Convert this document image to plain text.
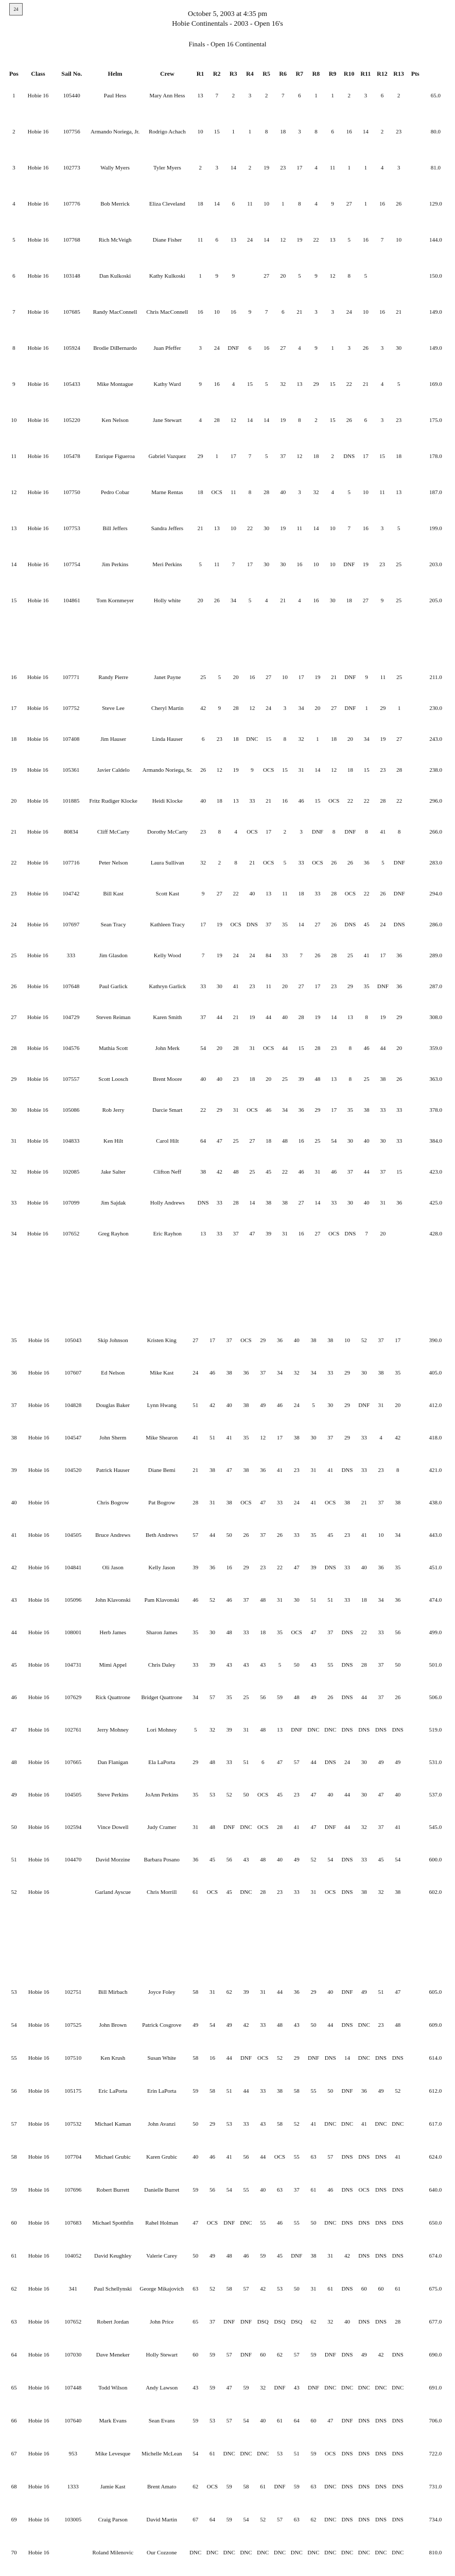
24
October 5, 2003 at 4:35 pm
Hobie Continentals - 2003 - Open 16's
Finals - Open 16 Continental
Pos	Class	Sail No.	Helm	Crew	R1	R2	R3	R4	R5	R6	R7	R8	R9	R10	R11	R12	R13	Pts	
1	Hobie 16	105440	Paul Hess	Mary Ann Hess	13	7	2	3	2	7	6	1	1	2	3	6	2		65.0
2	Hobie 16	107756	Armando Noriega, Jr.	Rodrigo Achach	10	15	1	1	8	18	3	8	6	16	14	2	23		80.0
3	Hobie 16	102773	Wally Myers	Tyler Myers	2	3	14	2	19	23	17	4	11	1	1	4	3		81.0
4	Hobie 16	107776	Bob Merrick	Eliza Cleveland	18	14	6	11	10	1	8	4	9	27	1	16	26		129.0
5	Hobie 16	107768	Rich McVeigh	Diane Fisher	11	6	13	24	14	12	19	22	13	5	16	7	10		144.0
6	Hobie 16	103148	Dan Kulkoski	Kathy Kulkoski	1	9	9		27	20	5	9	12	8	5				150.0
7	Hobie 16	107685	Randy MacConnell	Chris MacConnell	16	10	16	9	7	6	21	3	3	24	10	16	21		149.0
8	Hobie 16	105924	Brodie DiBernardo	Juan Pfeffer	3	24	DNF	6	16	27	4	9	1	3	26	3	30		149.0
9	Hobie 16	105433	Mike Montague	Kathy Ward	9	16	4	15	5	32	13	29	15	22	21	4	5		169.0
10	Hobie 16	105220	Ken Nelson	Jane Stewart	4	28	12	14	14	19	8	2	15	26	6	3	23		175.0
11	Hobie 16	105478	Enrique Figueroa	Gabriel Vazquez	29	1	17	7	5	37	12	18	2	DNS	17	15	18		178.0
12	Hobie 16	107750	Pedro Cobar	Marne Rentas	18	OCS	11	8	28	40	3	32	4	5	10	11	13		187.0
13	Hobie 16	107753	Bill Jeffers	Sandra Jeffers	21	13	10	22	30	19	11	14	10	7	16	3	5		199.0
14	Hobie 16	107754	Jim Perkins	Meri Perkins	5	11	7	17	30	30	16	10	10	DNF	19	23	25		203.0
15	Hobie 16	104861	Tom Kornmeyer	Holly white	20	26	34	5	4	21	4	16	30	18	27	9	25		205.0
16	Hobie 16	107771	Randy Pierre	Janet Payne	25	5	20	16	27	10	17	19	21	DNF	9	11	25		211.0
17	Hobie 16	107752	Steve Lee	Cheryl Martin	42	9	28	12	24	3	34	20	27	DNF	1	29	1		230.0
18	Hobie 16	107408	Jim Hauser	Linda Hauser	6	23	18	DNC	15	8	32	1	18	20	34	19	27		243.0
19	Hobie 16	105361	Javier Caldelo	Armando Noriega, Sr.	26	12	19	9	OCS	15	31	14	12	18	15	23	28		238.0
20	Hobie 16	101885	Fritz Rudiger Klocke	Heidi Klocke	40	18	13	33	21	16	46	15	OCS	22	22	28	22		296.0
21	Hobie 16	80834	Cliff McCarty	Dorothy McCarty	23	8	4	OCS	17	2	3	DNF	8	DNF	8	41	8		266.0
22	Hobie 16	107716	Peter Nelson	Laura Sullivan	32	2	8	21	OCS	5	33	OCS	26	26	36	5	DNF		283.0
23	Hobie 16	104742	Bill Kast	Scott Kast	9	27	22	40	13	11	18	33	28	OCS	22	26	DNF		294.0
24	Hobie 16	107697	Sean Tracy	Kathleen Tracy	17	19	OCS	DNS	37	35	14	27	26	DNS	45	24	DNS		286.0
25	Hobie 16	333	Jim Glasdon	Kelly Wood	7	19	24	24	84	33	7	26	28	25	41	17	36		289.0
26	Hobie 16	107648	Paul Garlick	Kathryn Garlick	33	30	41	23	11	20	27	17	23	29	35	DNF	36		287.0
27	Hobie 16	104729	Steven Reiman	Karen Smith	37	44	21	19	44	40	28	19	14	13	8	19	29		308.0
28	Hobie 16	104576	Mathia Scott	John Merk	54	20	28	31	OCS	44	15	28	23	8	46	44	20		359.0
29	Hobie 16	107557	Scott Loosch	Brent Moore	40	40	23	18	20	25	39	48	13	8	25	38	26		363.0
30	Hobie 16	105086	Rob Jerry	Darcie Smart	22	29	31	OCS	46	34	36	29	17	35	38	33	33		378.0
31	Hobie 16	104833	Ken Hilt	Carol Hilt	64	47	25	27	18	48	16	25	54	30	40	30	33		384.0
32	Hobie 16	102085	Jake Salter	Clifton Neff	38	42	48	25	45	22	46	31	46	37	44	37	15		423.0
33	Hobie 16	107099	Jim Sajdak	Holly Andrews	DNS	33	28	14	38	38	27	14	33	30	40	31	36		425.0
34	Hobie 16	107652	Greg Rayhon	Eric Rayhon	13	33	37	47	39	31	16	27	OCS	DNS	7	20			428.0
35	Hobie 16	105043	Skip Johnson	Kristen King	27	17	37	OCS	29	36	40	38	38	10	52	37	17		390.0
36	Hobie 16	107607	Ed Nelson	Mike Kast	24	46	38	36	37	34	32	34	33	29	30	38	35		405.0
37	Hobie 16	104828	Douglas Baker	Lynn Hwang	51	42	40	38	49	46	24	5	30	29	DNF	31	20		412.0
38	Hobie 16	104547	John Sherm	Mike Shearon	41	51	41	35	12	17	38	30	37	29	33	4	42		418.0
39	Hobie 16	104520	Patrick Hauser	Diane Bemi	21	38	47	38	36	41	23	31	41	DNS	33	23	8		421.0
40	Hobie 16		Chris Bogrow	Pat Bogrow	28	31	38	OCS	47	33	24	41	OCS	38	21	37	38		438.0
41	Hobie 16	104505	Bruce Andrews	Beth Andrews	57	44	50	26	37	26	33	35	45	23	41	10	34		443.0
42	Hobie 16	104841	Oli Jason	Kelly Jason	39	36	16	29	23	22	47	39	DNS	33	40	36	35		451.0
43	Hobie 16	105096	John Klavonski	Pam Klavonski	46	52	46	37	48	31	30	51	51	33	18	34	36		474.0
44	Hobie 16	108001	Herb James	Sharon James	35	30	48	33	18	35	OCS	47	37	DNS	22	33	56		499.0
45	Hobie 16	104731	Mimi Appel	Chris Daley	33	39	43	43	43	5	50	43	55	DNS	28	37	50		501.0
46	Hobie 16	107629	Rick Quattrone	Bridget Quattrone	34	57	35	25	56	59	48	49	26	DNS	44	37	26		506.0
47	Hobie 16	102761	Jerry Mohney	Lori Mohney	5	32	39	31	48	13	DNF	DNC	DNC	DNS	DNS	DNS	DNS		519.0
48	Hobie 16	107665	Dan Flanigan	Ela LaPorta	29	48	33	51	6	47	57	44	DNS	24	30	49	49		531.0
49	Hobie 16	104505	Steve Perkins	JoAnn Perkins	35	53	52	50	OCS	45	23	47	40	44	30	47	40		537.0
50	Hobie 16	102594	Vince Dowell	Judy Cramer	31	48	DNF	DNC	OCS	28	41	47	DNF	44	32	37	41		545.0
51	Hobie 16	104470	David Morzine	Barbara Posano	36	45	56	43	48	40	49	52	54	DNS	33	45	54		600.0
52	Hobie 16		Garland Ayscue	Chris Morrill	61	OCS	45	DNC	28	23	33	31	OCS	DNS	38	32	38		602.0
53	Hobie 16	102751	Bill Mirbach	Joyce Foley	58	31	62	39	31	44	36	29	40	DNF	49	51	47		605.0
54	Hobie 16	107525	John Brown	Patrick Cosgrove	49	54	49	42	33	48	43	50	44	DNS	DNC	23	48		609.0
55	Hobie 16	107510	Ken Krush	Susan White	58	16	44	DNF	OCS	52	29	DNF	DNS	14	DNC	DNS	DNS		614.0
56	Hobie 16	105175	Eric LaPorta	Erin LaPorta	59	58	51	44	33	38	58	55	50	DNF	36	49	52		612.0
57	Hobie 16	107532	Michael Kaman	John Avanzi	50	29	53	33	43	58	52	41	DNC	DNC	41	DNC	DNC		617.0
58	Hobie 16	107704	Michael Grubic	Karen Grubic	40	46	41	56	44	OCS	55	63	57	DNS	DNS	DNS	41		624.0
59	Hobie 16	107696	Robert Burrett	Danielle Burret	59	56	54	55	40	63	37	61	46	DNS	OCS	DNS	DNS		640.0
60	Hobie 16	107683	Michael Spotthfin	Rahel Holman	47	OCS	DNF	DNC	55	46	55	50	DNC	DNS	DNS	DNS	DNS		650.0
61	Hobie 16	104052	David Keughley	Valerie Carey	50	49	48	46	59	45	DNF	38	31	42	DNS	DNS	DNS		674.0
62	Hobie 16	341	Paul Schellynski	George Mikajovich	63	52	58	57	42	53	50	31	61	DNS	60	60	61		675.0
63	Hobie 16	107652	Robert Jordan	John Price	65	37	DNF	DNF	DSQ	DSQ	DSQ	62	32	40	DNS	DNS	28		677.0
64	Hobie 16	107030	Dave Meneker	Holly Stewart	60	59	57	DNF	60	62	57	59	DNF	DNS	49	42	DNS		690.0
65	Hobie 16	107448	Todd Wilson	Andy Lawson	43	59	47	59	32	DNF	43	DNF	DNC	DNC	DNC	DNC	DNC		691.0
66	Hobie 16	107640	Mark Evans	Sean Evans	59	53	57	54	40	61	64	60	47	DNF	DNS	DNS	DNS		706.0
67	Hobie 16	953	Mike Levesque	Michelle McLean	54	61	DNC	DNC	DNC	53	51	59	OCS	DNS	DNS	DNS	DNS		722.0
68	Hobie 16	1333	Jamie Kast	Brent Amato	62	OCS	59	58	61	DNF	59	63	DNC	DNS	DNS	DNS	DNS		731.0
69	Hobie 16	103005	Craig Parson	David Martin	67	64	59	54	52	57	63	62	DNC	DNS	DNS	DNS	DNS		734.0
70	Hobie 16		Roland Milenovic	Our Cozzone	DNC	DNC	DNC	DNC	DNC	DNC	DNC	DNC	DNC	DNC	DNC	DNC	DNC		810.0
